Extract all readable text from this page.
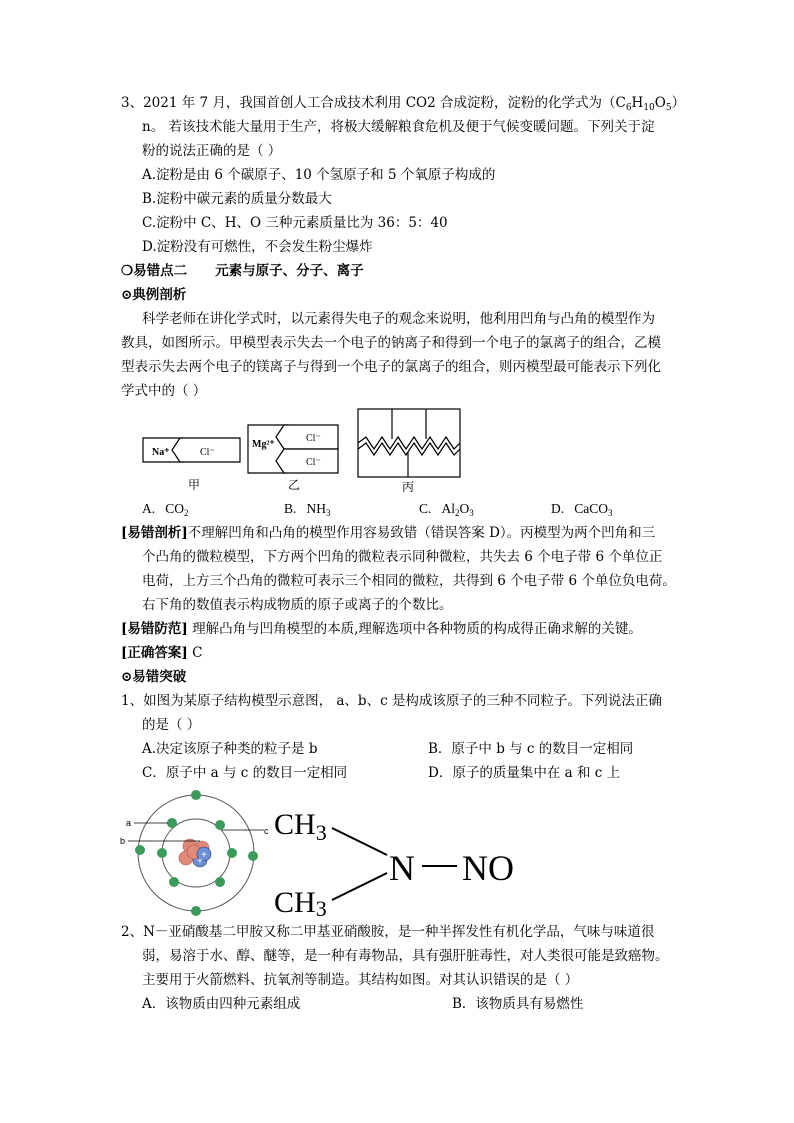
3、2021 年 7 月，我国首创人工合成技术利用 CO2 合成淀粉，淀粉的化学式为$(C_6H_{10}O_5)$
n。 若该技术能大量用于生产，将极大缓解粮食危机及便于气候变暖问题。下列关于淀
粉的说法正确的是（ ）
A.淀粉是由 6 个碳原子、10 个氢原子和 5 个氧原子构成的
B.淀粉中碳元素的质量分数最大
C.淀粉中 C、H、O 三种元素质量比为 36：5：40
D.淀粉没有可燃性，不会发生粉尘爆炸
❍易错点二 元素与原子、分子、离子
⊙典例剖析
科学老师在讲化学式时，以元素得失电子的观念来说明，他利用凹角与凸角的模型作为
教具，如图所示。甲模型表示失去一个电子的钠离子和得到一个电子的氯离子的组合，乙模
型表示失去两个电子的镁离子与得到一个电子的氯离子的组合，则丙模型最可能表示下列化
学式中的（ ）
Na⁺	Cl⁻
Mg²⁺
Cl⁻
Cl⁻
甲	乙	丙
A. $CO_2$	B. $NH_3$	C. $Al_2O_3$	D. CaCO$_3$
[易错剖析]不理解凹角和凸角的模型作用容易致错（错误答案 D）。丙模型为两个凹角和三
个凸角的微粒模型，下方两个凹角的微粒表示同种微粒，共失去 6 个电子带 6 个单位正
电荷，上方三个凸角的微粒可表示三个相同的微粒，共得到 6 个电子带 6 个单位负电荷。
右下角的数值表示构成物质的原子或离子的个数比。
[易错防范] 理解凸角与凹角模型的本质,理解选项中各种物质的构成得正确求解的关键。
[正确答案] C
⊙易错突破
1、如图为某原子结构模型示意图， a、b、c 是构成该原子的三种不同粒子。下列说法正确
的是（ ）
A.决定该原子种类的粒子是 b	B．原子中 b 与 c 的数目一定相同
C．原子中 a 与 c 的数目一定相同	D．原子的质量集中在 a 和 c 上
+
+
a
b
c $CH_3$
N NO
CH3
2、N－亚硝酸基二甲胺又称二甲基亚硝酸胺，是一种半挥发性有机化学品，气味与味道很
弱，易溶于水、醇、醚等，是一种有毒物品，具有强肝脏毒性，对人类很可能是致癌物。
主要用于火箭燃料、抗氧剂等制造。其结构如图。对其认识错误的是（ ）
A．该物质由四种元素组成	B．该物质具有易燃性
